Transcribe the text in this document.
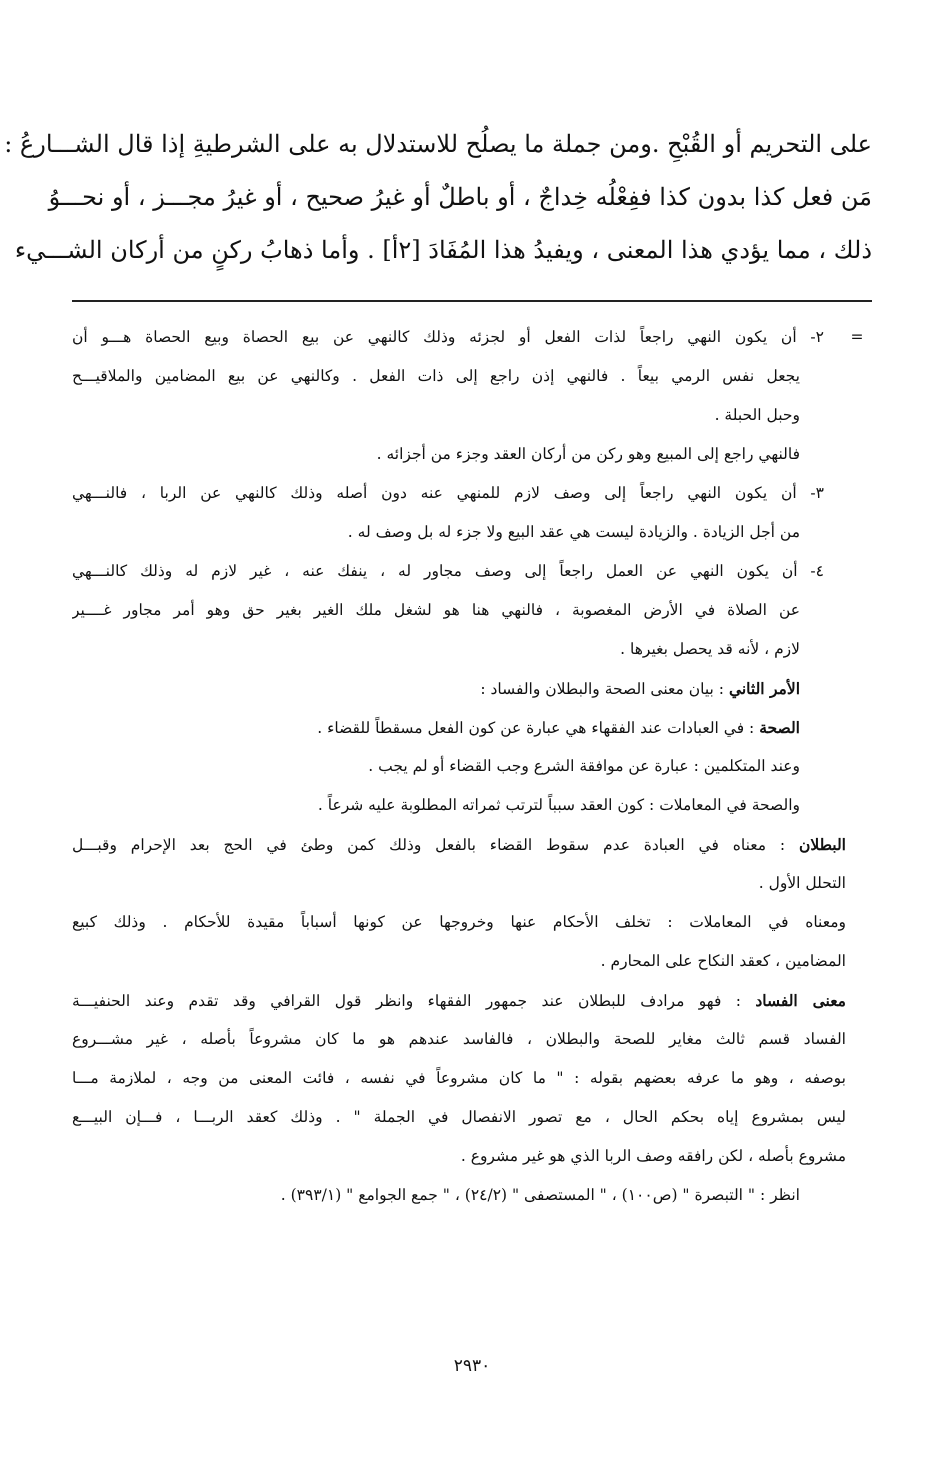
على التحريم أو القُبْحِ .ومن جملة ما يصلُح للاستدلال به على الشرطيةِ إذا قال الشـــارعُ :

مَن فعل كذا بدون كذا ففِعْلُه خِداجٌ ، أو باطلٌ أو غيرُ صحيح ، أو غيرُ مجـــز ، أو نحـــوُ

ذلك ، مما يؤدي هذا المعنى ، ويفيدُ هذا المُفَادَ [٢أ] . وأما ذهابُ ركنٍ من أركان الشـــيء

=

٢- أن يكون النهي راجعاً لذات الفعل أو لجزئه وذلك كالنهي عن بيع الحصاة وبيع الحصاة هـــو أن

يجعل نفس الرمي بيعاً . فالنهي إذن راجع إلى ذات الفعل . وكالنهي عن بيع المضامين والملاقيـــح

وحبل الحبلة .

فالنهي راجع إلى المبيع وهو ركن من أركان العقد وجزء من أجزائه .

٣- أن يكون النهي راجعاً إلى وصف لازم للمنهي عنه دون أصله وذلك كالنهي عن الربا ، فالنـــهي

من أجل الزيادة . والزيادة ليست هي عقد البيع ولا جزء له بل وصف له .

٤- أن يكون النهي عن العمل راجعاً إلى وصف مجاور له ، ينفك عنه ، غير لازم له وذلك كالنـــهي

عن الصلاة في الأرض المغصوبة ، فالنهي هنا هو لشغل ملك الغير بغير حق وهو أمر مجاور غــــير

لازم ، لأنه قد يحصل بغيرها .

الأمر الثاني : بيان معنى الصحة والبطلان والفساد :

الصحة : في العبادات عند الفقهاء هي عبارة عن كون الفعل مسقطاً للقضاء .

وعند المتكلمين : عبارة عن موافقة الشرع وجب القضاء أو لم يجب .

والصحة في المعاملات : كون العقد سبباً لترتب ثمراته المطلوبة عليه شرعاً .

البطلان : معناه في العبادة عدم سقوط القضاء بالفعل وذلك كمن وطئ في الحج بعد الإحرام وقبـــل

التحلل الأول .

ومعناه في المعاملات : تخلف الأحكام عنها وخروجها عن كونها أسباباً مقيدة للأحكام . وذلك كبيع

المضامين ، كعقد النكاح على المحارم .

معنى الفساد : فهو مرادف للبطلان عند جمهور الفقهاء وانظر قول القرافي وقد تقدم وعند الحنفيـــة

الفساد قسم ثالث مغاير للصحة والبطلان ، فالفاسد عندهم هو ما كان مشروعاً بأصله ، غير مشـــروع

بوصفه ، وهو ما عرفه بعضهم بقوله : " ما كان مشروعاً في نفسه ، فائت المعنى من وجه ، لملازمة مـــا

ليس بمشروع إياه بحكم الحال ، مع تصور الانفصال في الجملة " . وذلك كعقد الربـــا ، فـــإن البيـــع

مشروع بأصله ، لكن رافقه وصف الربا الذي هو غير مشروع .

انظر : " التبصرة " (ص١٠٠) ، " المستصفى " (٢٤/٢) ، " جمع الجوامع " (٣٩٣/١) .

٢٩٣٠
